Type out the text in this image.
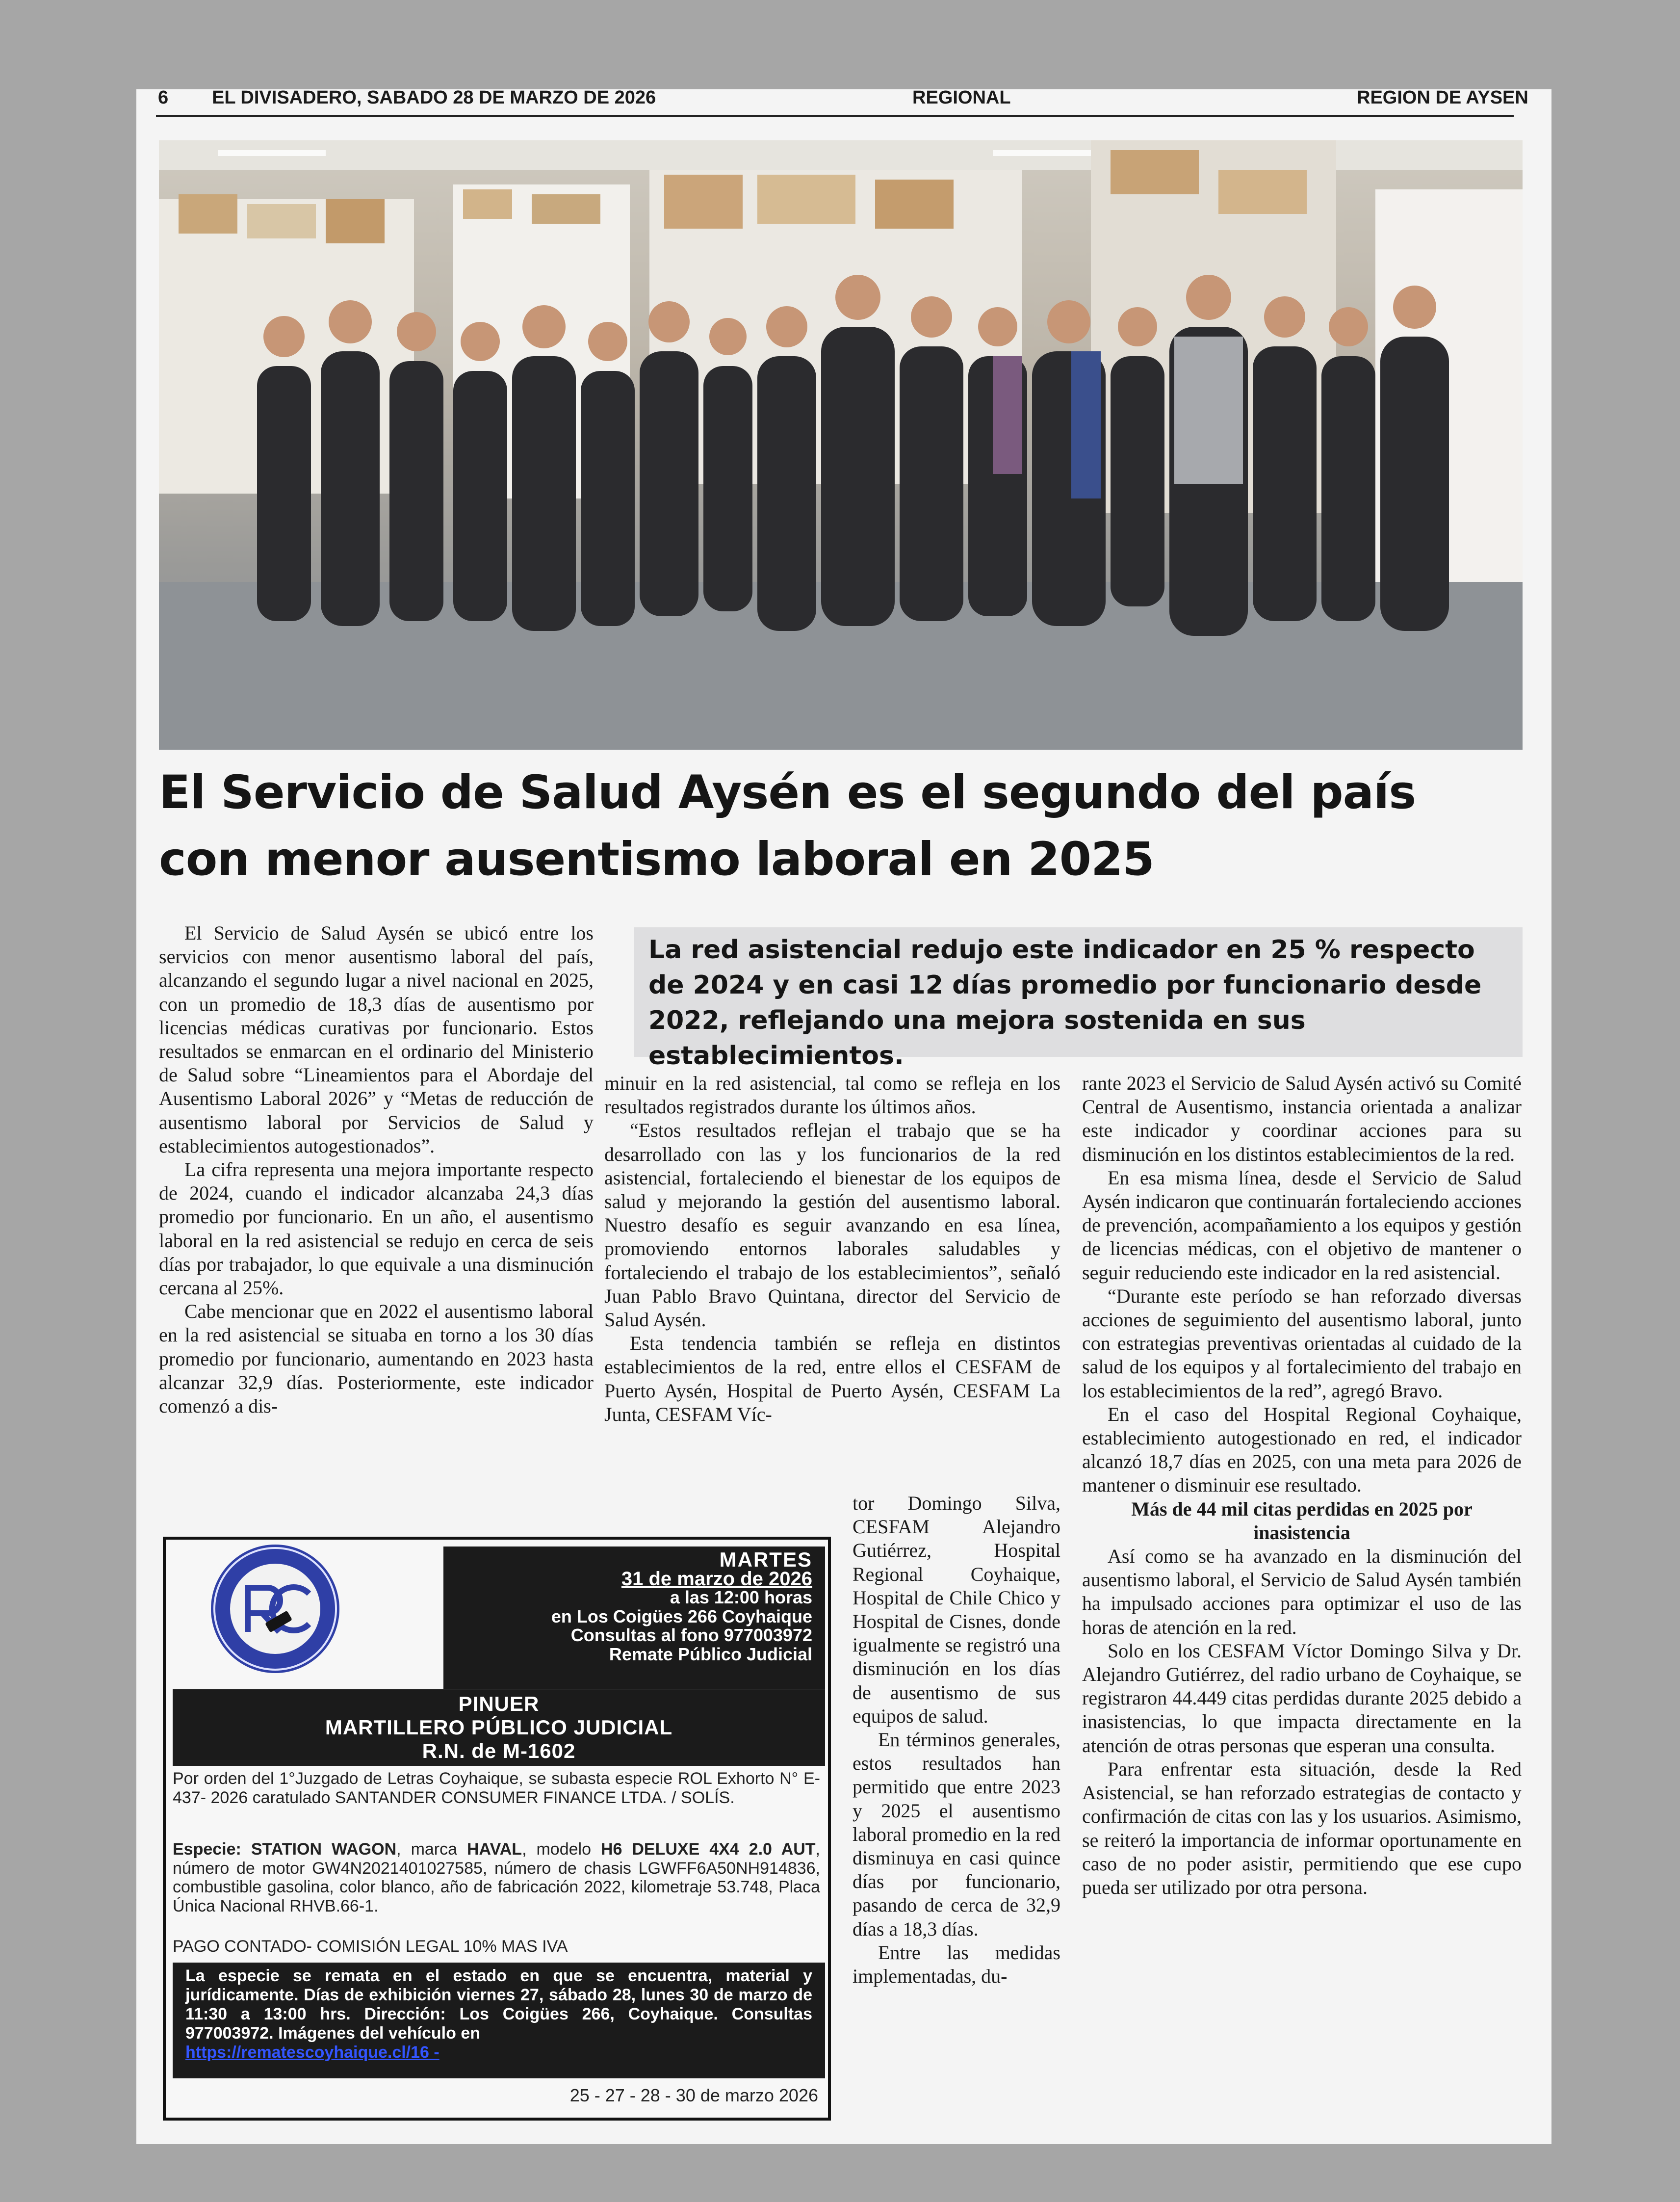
6 EL DIVISADERO, SABADO 28 DE MARZO DE 2026	REGIONAL	REGION DE AYSEN
El Servicio de Salud Aysén es el segundo del país
con menor ausentismo laboral en 2025
La red asistencial redujo este indicador en 25 % respecto de 2024 y en casi 12 días promedio por funcionario desde 2022, reflejando una mejora sostenida en sus establecimientos.

El Servicio de Salud Aysén se ubicó entre los servicios con menor ausentismo laboral del país, alcanzando el segundo lugar a nivel nacional en 2025, con un promedio de 18,3 días de ausentismo por licencias médicas curativas por funcionario. Estos resultados se enmarcan en el ordinario del Ministerio de Salud sobre “Lineamientos para el Abordaje del Ausentismo Laboral 2026” y “Metas de reducción de ausentismo laboral por Servicios de Salud y establecimientos autogestionados”.

La cifra representa una mejora importante respecto de 2024, cuando el indicador alcanzaba 24,3 días promedio por funcionario. En un año, el ausentismo laboral en la red asistencial se redujo en cerca de seis días por trabajador, lo que equivale a una disminución cercana al 25%.

Cabe mencionar que en 2022 el ausentismo laboral en la red asistencial se situaba en torno a los 30 días promedio por funcionario, aumentando en 2023 hasta alcanzar 32,9 días. Posteriormente, este indicador comenzó a dis-

minuir en la red asistencial, tal como se refleja en los resultados registrados durante los últimos años.

“Estos resultados reflejan el trabajo que se ha desarrollado con las y los funcionarios de la red asistencial, fortaleciendo el bienestar de los equipos de salud y mejorando la gestión del ausentismo laboral. Nuestro desafío es seguir avanzando en esa línea, promoviendo entornos laborales saludables y fortaleciendo el trabajo de los establecimientos”, señaló Juan Pablo Bravo Quintana, director del Servicio de Salud Aysén.

Esta tendencia también se refleja en distintos establecimientos de la red, entre ellos el CESFAM de Puerto Aysén, Hospital de Puerto Aysén, CESFAM La Junta, CESFAM Víc-

tor Domingo Silva, CESFAM Alejandro Gutiérrez, Hospital Regional Coyhaique, Hospital de Chile Chico y Hospital de Cisnes, donde igualmente se registró una disminución en los días de ausentismo de sus equipos de salud.

En términos generales, estos resultados han permitido que entre 2023 y 2025 el ausentismo laboral promedio en la red disminuya en casi quince días por funcionario, pasando de cerca de 32,9 días a 18,3 días.

Entre las medidas implementadas, du-

rante 2023 el Servicio de Salud Aysén activó su Comité Central de Ausentismo, instancia orientada a analizar este indicador y coordinar acciones para su disminución en los distintos establecimientos de la red.

En esa misma línea, desde el Servicio de Salud Aysén indicaron que continuarán fortaleciendo acciones de prevención, acompañamiento a los equipos y gestión de licencias médicas, con el objetivo de mantener o seguir reduciendo este indicador en la red asistencial.

“Durante este período se han reforzado diversas acciones de seguimiento del ausentismo laboral, junto con estrategias preventivas orientadas al cuidado de la salud de los equipos y al fortalecimiento del trabajo en los establecimientos de la red”, agregó Bravo.

En el caso del Hospital Regional Coyhaique, establecimiento autogestionado en red, el indicador alcanzó 18,7 días en 2025, con una meta para 2026 de mantener o disminuir ese resultado.

Más de 44 mil citas perdidas en 2025 por inasistencia

Así como se ha avanzado en la disminución del ausentismo laboral, el Servicio de Salud Aysén también ha impulsado acciones para optimizar el uso de las horas de atención en la red.

Solo en los CESFAM Víctor Domingo Silva y Dr. Alejandro Gutiérrez, del radio urbano de Coyhaique, se registraron 44.449 citas perdidas durante 2025 debido a inasistencias, lo que impacta directamente en la atención de otras personas que esperan una consulta.

Para enfrentar esta situación, desde la Red Asistencial, se han reforzado estrategias de contacto y confirmación de citas con las y los usuarios. Asimismo, se reiteró la importancia de informar oportunamente en caso de no poder asistir, permitiendo que ese cupo pueda ser utilizado por otra persona.

MARTES
31 de marzo de 2026
a las 12:00 horas
en Los Coigües 266 Coyhaique
Consultas al fono 977003972
Remate Público Judicial
PINUER
MARTILLERO PÚBLICO JUDICIAL
R.N. de M-1602
Por orden del 1°Juzgado de Letras Coyhaique, se subasta especie ROL Exhorto N° E- 437- 2026 caratulado SANTANDER CONSUMER FINANCE LTDA. / SOLÍS.
Especie: STATION WAGON, marca HAVAL, modelo H6 DELUXE 4X4 2.0 AUT, número de motor GW4N2021401027585, número de chasis LGWFF6A50NH914836, combustible gasolina, color blanco, año de fabricación 2022, kilometraje 53.748, Placa Única Nacional RHVB.66-1.
PAGO CONTADO- COMISIÓN LEGAL 10% MAS IVA
La especie se remata en el estado en que se encuentra, material y jurídicamente. Días de exhibición viernes 27, sábado 28, lunes 30 de marzo de 11:30 a 13:00 hrs. Dirección: Los Coigües 266, Coyhaique. Consultas 977003972. Imágenes del vehículo en
https://rematescoyhaique.cl/16 -
25 - 27 - 28 - 30 de marzo 2026
